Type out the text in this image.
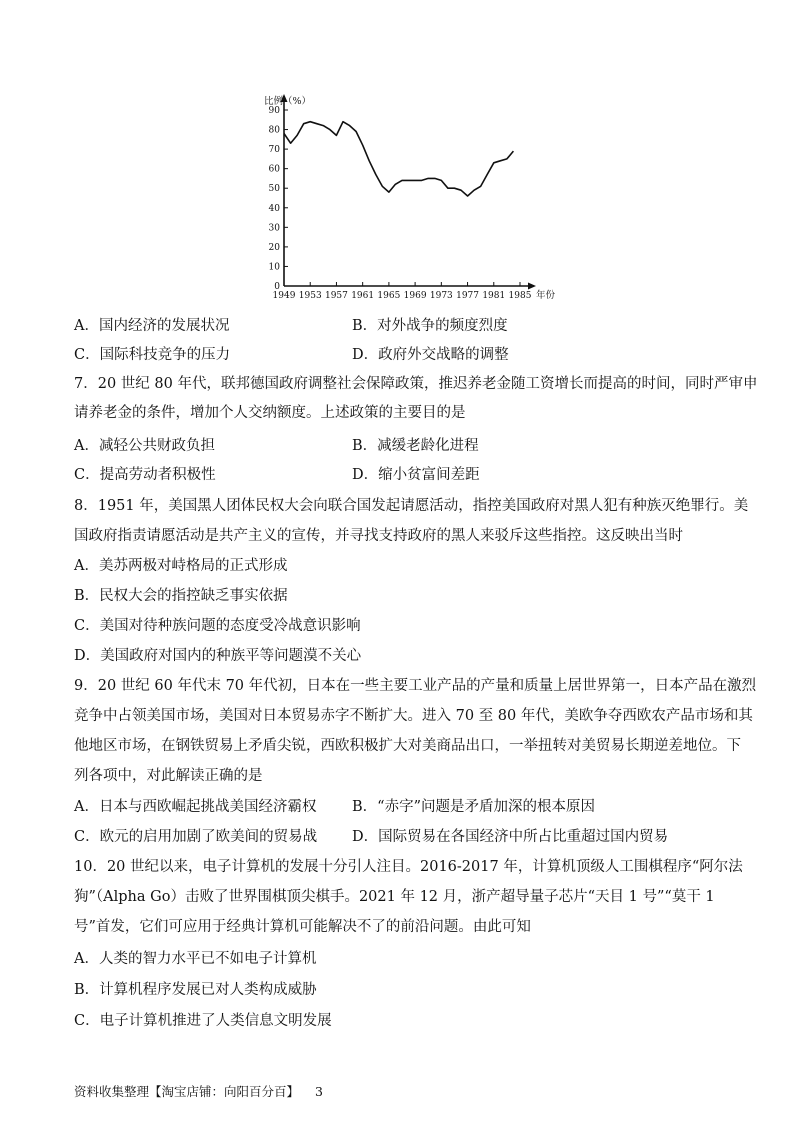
0
10
20
30
40
50
60
70
80
90
1949 1953 1957 1961 1965 1969 1973 1977 1981 1985
比例（%）
年份
A．国内经济的发展状况	B．对外战争的频度烈度
C．国际科技竞争的压力	D．政府外交战略的调整
7．20 世纪 80 年代，联邦德国政府调整社会保障政策，推迟养老金随工资增长而提高的时间，同时严审申
请养老金的条件，增加个人交纳额度。上述政策的主要目的是
A．减轻公共财政负担	B．减缓老龄化进程
C．提高劳动者积极性	D．缩小贫富间差距
8．1951 年，美国黑人团体民权大会向联合国发起请愿活动，指控美国政府对黑人犯有种族灭绝罪行。美
国政府指责请愿活动是共产主义的宣传，并寻找支持政府的黑人来驳斥这些指控。这反映出当时
A．美苏两极对峙格局的正式形成
B．民权大会的指控缺乏事实依据
C．美国对待种族问题的态度受冷战意识影响
D．美国政府对国内的种族平等问题漠不关心
9．20 世纪 60 年代末 70 年代初，日本在一些主要工业产品的产量和质量上居世界第一，日本产品在激烈
竞争中占领美国市场，美国对日本贸易赤字不断扩大。进入 70 至 80 年代，美欧争夺西欧农产品市场和其
他地区市场，在钢铁贸易上矛盾尖锐，西欧积极扩大对美商品出口，一举扭转对美贸易长期逆差地位。下
列各项中，对此解读正确的是
A．日本与西欧崛起挑战美国经济霸权 B．“赤字”问题是矛盾加深的根本原因
C．欧元的启用加剧了欧美间的贸易战 D．国际贸易在各国经济中所占比重超过国内贸易
10．20 世纪以来，电子计算机的发展十分引人注目。2016-2017 年，计算机顶级人工围棋程序“阿尔法
狗”（Alpha Go）击败了世界围棋顶尖棋手。2021 年 12 月，浙产超导量子芯片“天目 1 号”“莫干 1
号”首发，它们可应用于经典计算机可能解决不了的前沿问题。由此可知
A．人类的智力水平已不如电子计算机
B．计算机程序发展已对人类构成威胁
C．电子计算机推进了人类信息文明发展
资料收集整理【淘宝店铺：向阳百分百】 3
